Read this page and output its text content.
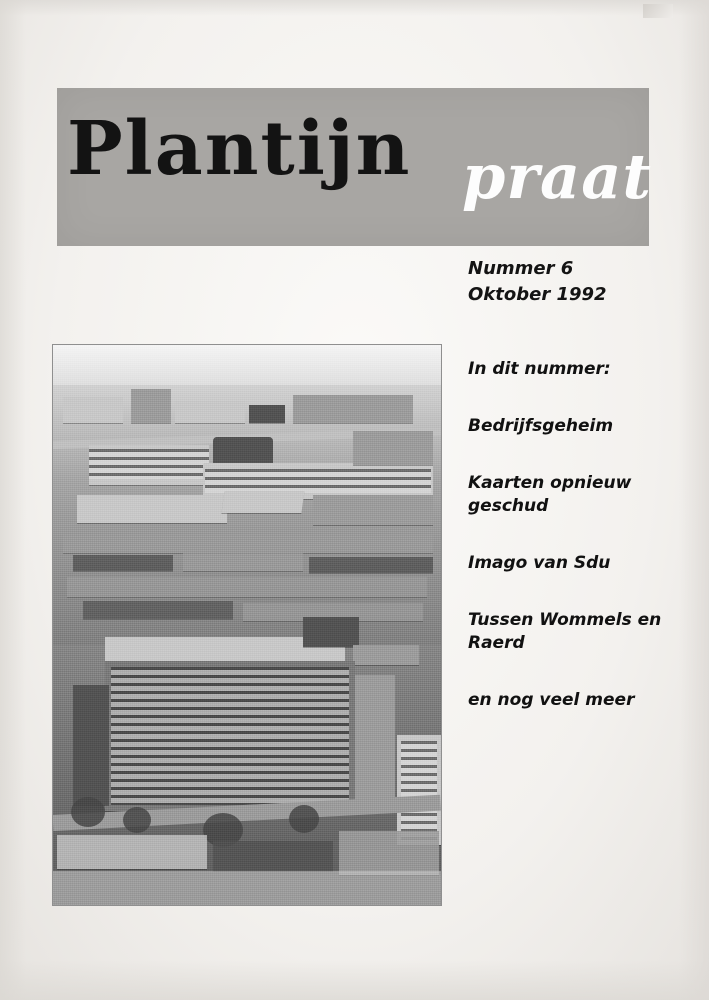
Plantijn praat
Nummer 6
Oktober 1992
In dit nummer:
Bedrijfsgeheim
Kaarten opnieuw geschud
Imago van Sdu
Tussen Wommels en Raerd
en nog veel meer
